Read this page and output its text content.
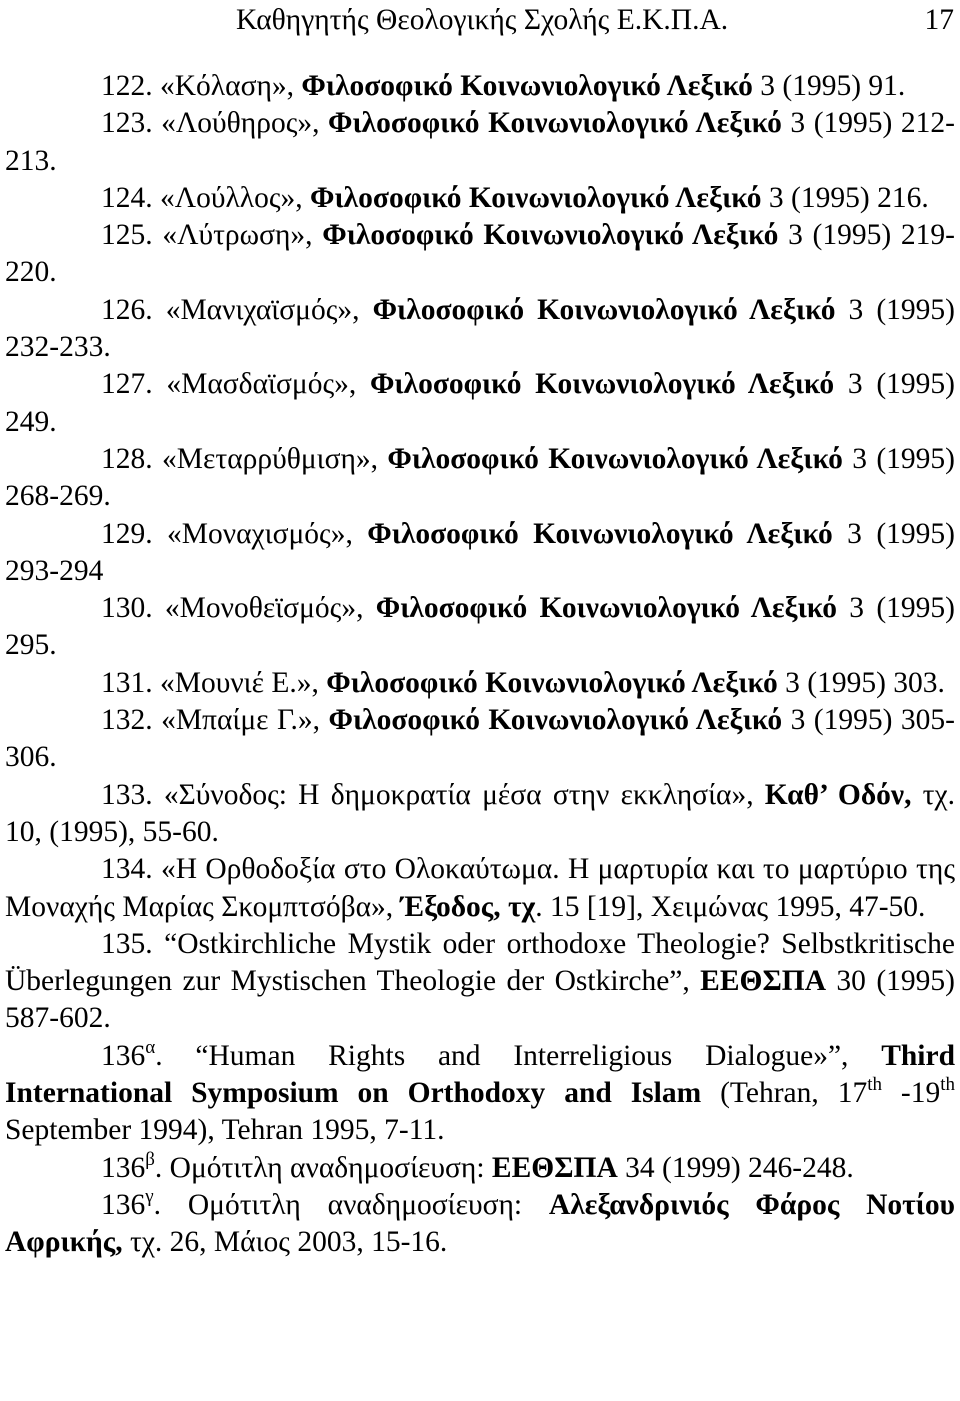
Καθηγητής Θεολογικής Σχολής Ε.Κ.Π.Α.	17

122. «Κόλαση», Φιλοσοφικό Κοινωνιολογικό Λεξικό 3 (1995) 91.

123. «Λούθηρος», Φιλοσοφικό Κοινωνιολογικό Λεξικό 3 (1995) 212-213.

124. «Λούλλος», Φιλοσοφικό Κοινωνιολογικό Λεξικό 3 (1995) 216.

125. «Λύτρωση», Φιλοσοφικό Κοινωνιολογικό Λεξικό 3 (1995) 219-220.

126. «Μανιχαϊσμός», Φιλοσοφικό Κοινωνιολογικό Λεξικό 3 (1995) 232-233.

127. «Μασδαϊσμός», Φιλοσοφικό Κοινωνιολογικό Λεξικό 3 (1995) 249.

128. «Μεταρρύθμιση», Φιλοσοφικό Κοινωνιολογικό Λεξικό 3 (1995) 268-269.

129. «Μοναχισμός», Φιλοσοφικό Κοινωνιολογικό Λεξικό 3 (1995) 293-294

130. «Μονοθεϊσμός», Φιλοσοφικό Κοινωνιολογικό Λεξικό 3 (1995) 295.

131. «Μουνιέ Ε.», Φιλοσοφικό Κοινωνιολογικό Λεξικό 3 (1995) 303.

132. «Μπαίμε Γ.», Φιλοσοφικό Κοινωνιολογικό Λεξικό 3 (1995) 305-306.

133. «Σύνοδος: Η δημοκρατία μέσα στην εκκλησία», Καθ’ Οδόν, τχ. 10, (1995), 55-60.

134. «Η Ορθοδοξία στο Ολοκαύτωμα. Η μαρτυρία και το μαρτύριο της Μοναχής Μαρίας Σκομπτσόβα», Έξοδος, τχ. 15 [19], Χειμώνας 1995, 47-50.

135. “Ostkirchliche Mystik oder orthodoxe Theologie? Selbstkritische Überlegungen zur Mystischen Theologie der Ostkirche”, ΕΕΘΣΠΑ 30 (1995) 587-602.

$136^\alpha$. “Human Rights and Interreligious Dialogue»”, Third International Symposium on Orthodoxy and Islam (Tehran, 17th -19th September 1994), Tehran 1995, 7-11.

$136^\beta$. Ομότιτλη αναδημοσίευση: ΕΕΘΣΠΑ 34 (1999) 246-248.

$136^\gamma$. Ομότιτλη αναδημοσίευση: Αλεξανδρινιός Φάρος Νοτίου Αφρικής, τχ. 26, Μάιος 2003, 15-16.
